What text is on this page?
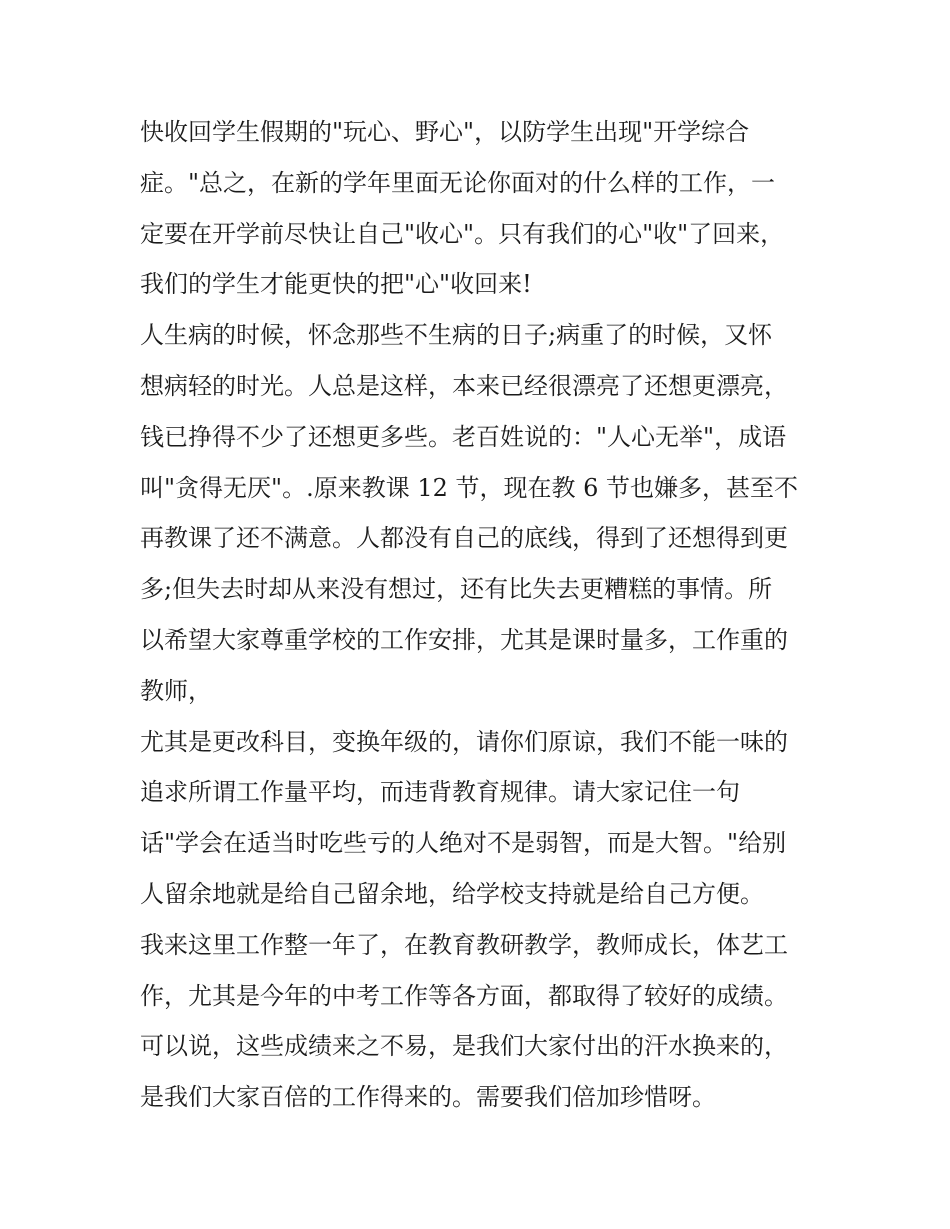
快收回学生假期的"玩心、野心"，以防学生出现"开学综合
症。"总之，在新的学年里面无论你面对的什么样的工作，一
定要在开学前尽快让自己"收心"。只有我们的心"收"了回来，
我们的学生才能更快的把"心"收回来!
人生病的时候，怀念那些不生病的日子;病重了的时候，又怀
想病轻的时光。人总是这样，本来已经很漂亮了还想更漂亮，
钱已挣得不少了还想更多些。老百姓说的："人心无举"，成语
叫"贪得无厌"。.原来教课 12 节，现在教 6 节也嫌多，甚至不
再教课了还不满意。人都没有自己的底线，得到了还想得到更
多;但失去时却从来没有想过，还有比失去更糟糕的事情。所
以希望大家尊重学校的工作安排，尤其是课时量多，工作重的
教师，
尤其是更改科目，变换年级的，请你们原谅，我们不能一味的
追求所谓工作量平均，而违背教育规律。请大家记住一句
话"学会在适当时吃些亏的人绝对不是弱智，而是大智。"给别
人留余地就是给自己留余地，给学校支持就是给自己方便。
我来这里工作整一年了，在教育教研教学，教师成长，体艺工
作，尤其是今年的中考工作等各方面，都取得了较好的成绩。
可以说，这些成绩来之不易，是我们大家付出的汗水换来的，
是我们大家百倍的工作得来的。需要我们倍加珍惜呀。
